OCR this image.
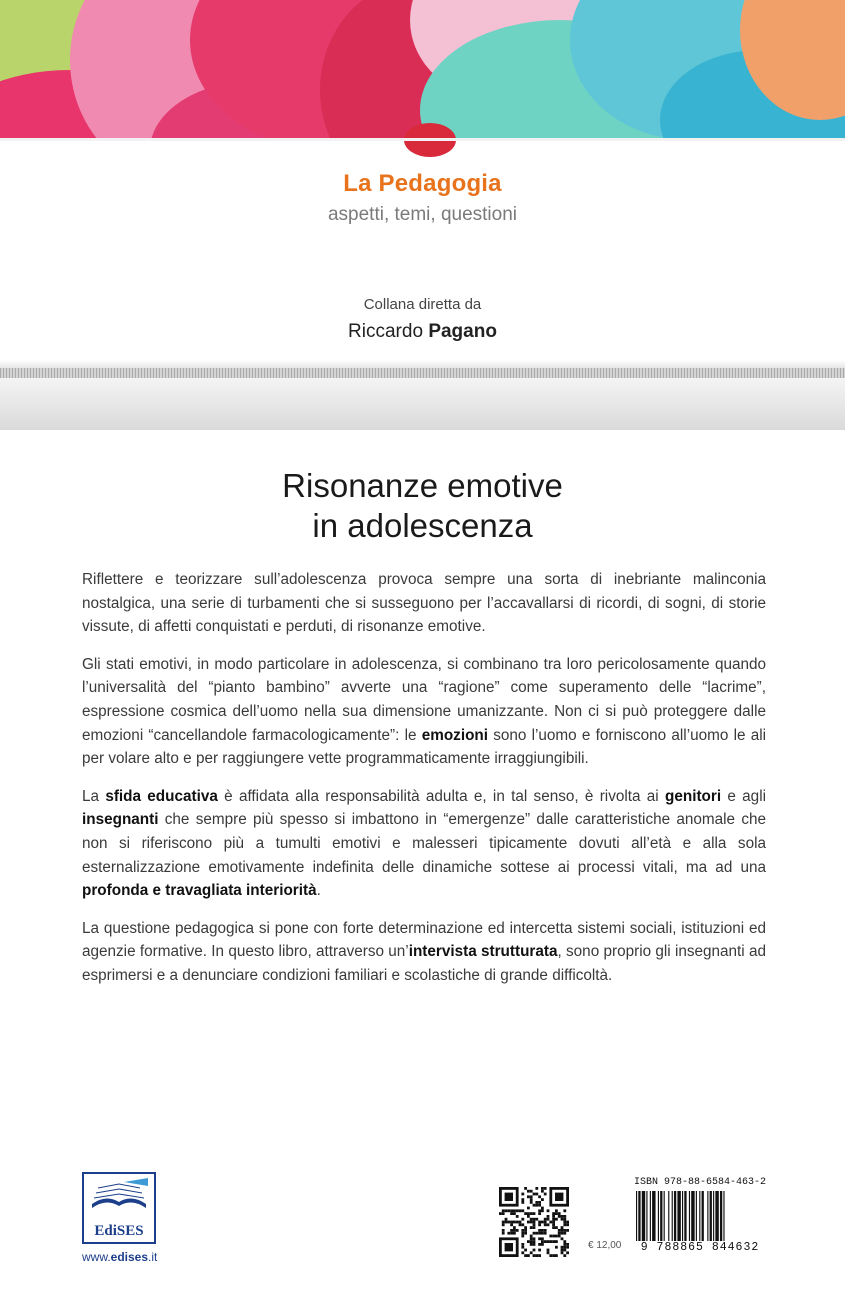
La Pedagogia
aspetti, temi, questioni
Collana diretta da
Riccardo Pagano
Risonanze emotive
in adolescenza

Riflettere e teorizzare sull’adolescenza provoca sempre una sorta di inebriante malinconia nostalgica, una serie di turbamenti che si susseguono per l’accavallarsi di ricordi, di sogni, di storie vissute, di affetti conquistati e perduti, di risonanze emotive.

Gli stati emotivi, in modo particolare in adolescenza, si combinano tra loro pericolosamente quando l’universalità del “pianto bambino” avverte una “ragione” come superamento delle “lacrime”, espressione cosmica dell’uomo nella sua dimensione umanizzante. Non ci si può proteggere dalle emozioni “cancellandole farmacologicamente”: le emozioni sono l’uomo e forniscono all’uomo le ali per volare alto e per raggiungere vette programmaticamente irraggiungibili.

La sfida educativa è affidata alla responsabilità adulta e, in tal senso, è rivolta ai genitori e agli insegnanti che sempre più spesso si imbattono in “emergenze” dalle caratteristiche anomale che non si riferiscono più a tumulti emotivi e malesseri tipicamente dovuti all’età e alla sola esternalizzazione emotivamente indefinita delle dinamiche sottese ai processi vitali, ma ad una profonda e travagliata interiorità.

La questione pedagogica si pone con forte determinazione ed intercetta sistemi sociali, istituzioni ed agenzie formative. In questo libro, attraverso un’intervista strutturata, sono proprio gli insegnanti ad esprimersi e a denunciare condizioni familiari e scolastiche di grande difficoltà.

EdiSES
www.edises.it
€ 12,00
ISBN 978-88-6584-463-2
9 788865 844632
